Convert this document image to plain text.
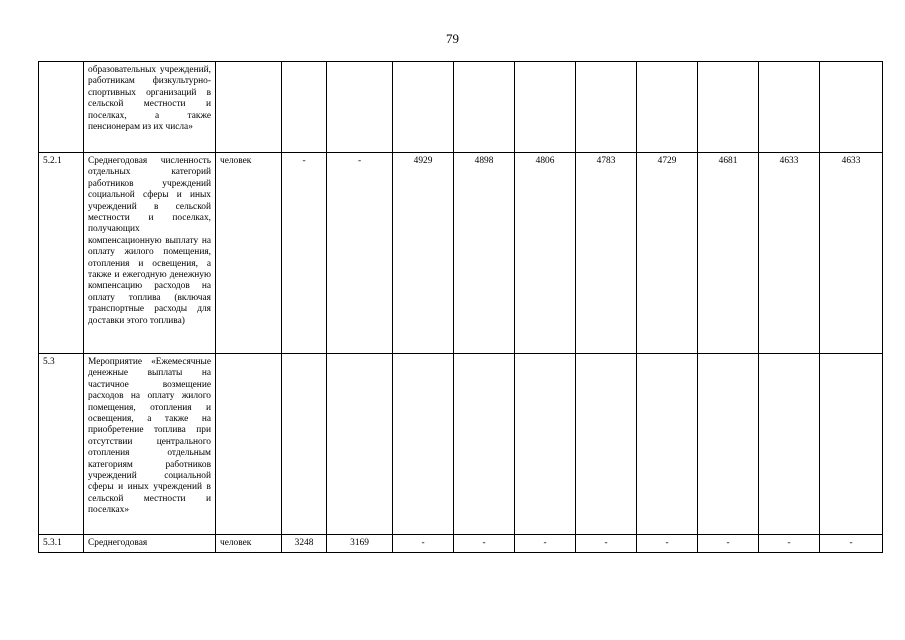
79
	образовательных учреждений, работникам физкультурно-спортивных организаций в сельской местности и поселках, а также пенсионерам из их числа»											
5.2.1	Среднегодовая численность отдельных категорий работников учреждений социальной сферы и иных учреждений в сельской местности и поселках, получающих компенсационную выплату на оплату жилого помещения, отопления и освещения, а также и ежегодную денежную компенсацию расходов на оплату топлива (включая транспортные расходы для доставки этого топлива)	человек	-	-	4929	4898	4806	4783	4729	4681	4633	4633
5.3	Мероприятие «Ежемесячные денежные выплаты на частичное возмещение расходов на оплату жилого помещения, отопления и освещения, а также на приобретение топлива при отсутствии центрального отопления отдельным категориям работников учреждений социальной сферы и иных учреждений в сельской местности и поселках»											
5.3.1	Среднегодовая	человек	3248	3169	-	-	-	-	-	-	-	-
